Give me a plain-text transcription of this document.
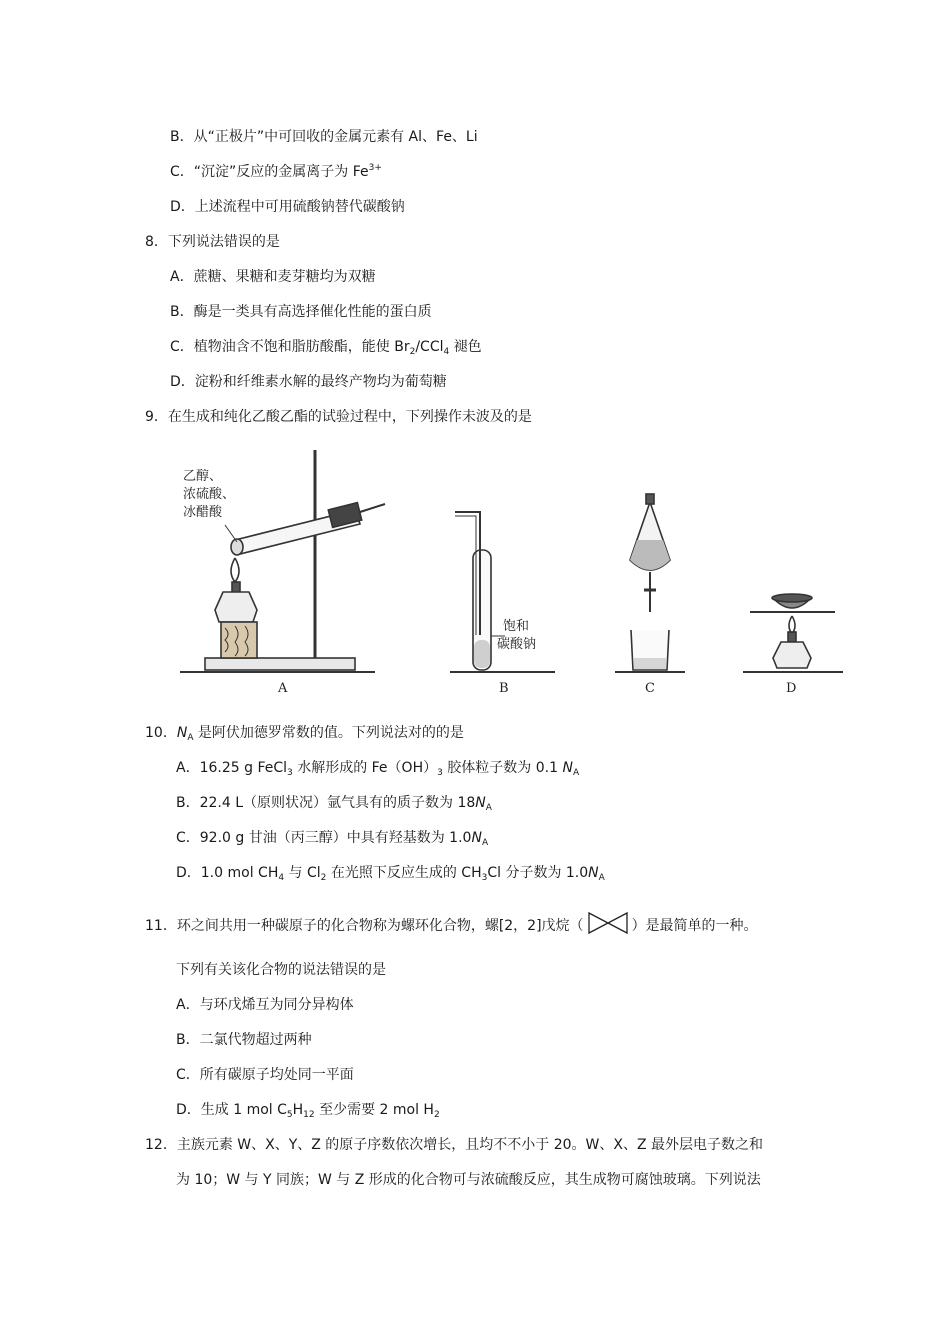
B．从“正极片”中可回收的金属元素有 Al、Fe、Li
C．“沉淀”反应的金属离子为 $Fe^{3+}$
D．上述流程中可用硫酸钠替代碳酸钠
8．下列说法错误的是
A．蔗糖、果糖和麦芽糖均为双糖
B．酶是一类具有高选择催化性能的蛋白质
C．植物油含不饱和脂肪酸酯，能使 $Br_2/CCl_4$ 褪色
D．淀粉和纤维素水解的最终产物均为葡萄糖
9．在生成和纯化乙酸乙酯的试验过程中，下列操作未波及的是
乙醇、
浓硫酸、
冰醋酸
饱和
碳酸钠
A	B	C	D
10．$N_A$ 是阿伏加德罗常数的值。下列说法对的的是
A．16.25 g FeCl$_3$ 水解形成的 $Fe(OH)_3$ 胶体粒子数为 0.1 $N_A$
B．22.4 L（原则状况）氩气具有的质子数为 $18N_A$
C．92.0 g 甘油（丙三醇）中具有羟基数为 $1.0N_A$
D．1.0 mol $CH_4$ 与 $Cl_2$ 在光照下反应生成的 $CH_3Cl$ 分子数为 $1.0N_A$
11．环之间共用一种碳原子的化合物称为螺环化合物，螺[2，2]戊烷（	）是最简单的一种。
下列有关该化合物的说法错误的是
A．与环戊烯互为同分异构体
B．二氯代物超过两种
C．所有碳原子均处同一平面
D．生成 1 mol $C_5H_{12}$ 至少需要 2 mol $H_2$
12．主族元素 W、X、Y、Z 的原子序数依次增长，且均不不小于 20。W、X、Z 最外层电子数之和
为 10；W 与 Y 同族；W 与 Z 形成的化合物可与浓硫酸反应，其生成物可腐蚀玻璃。下列说法
